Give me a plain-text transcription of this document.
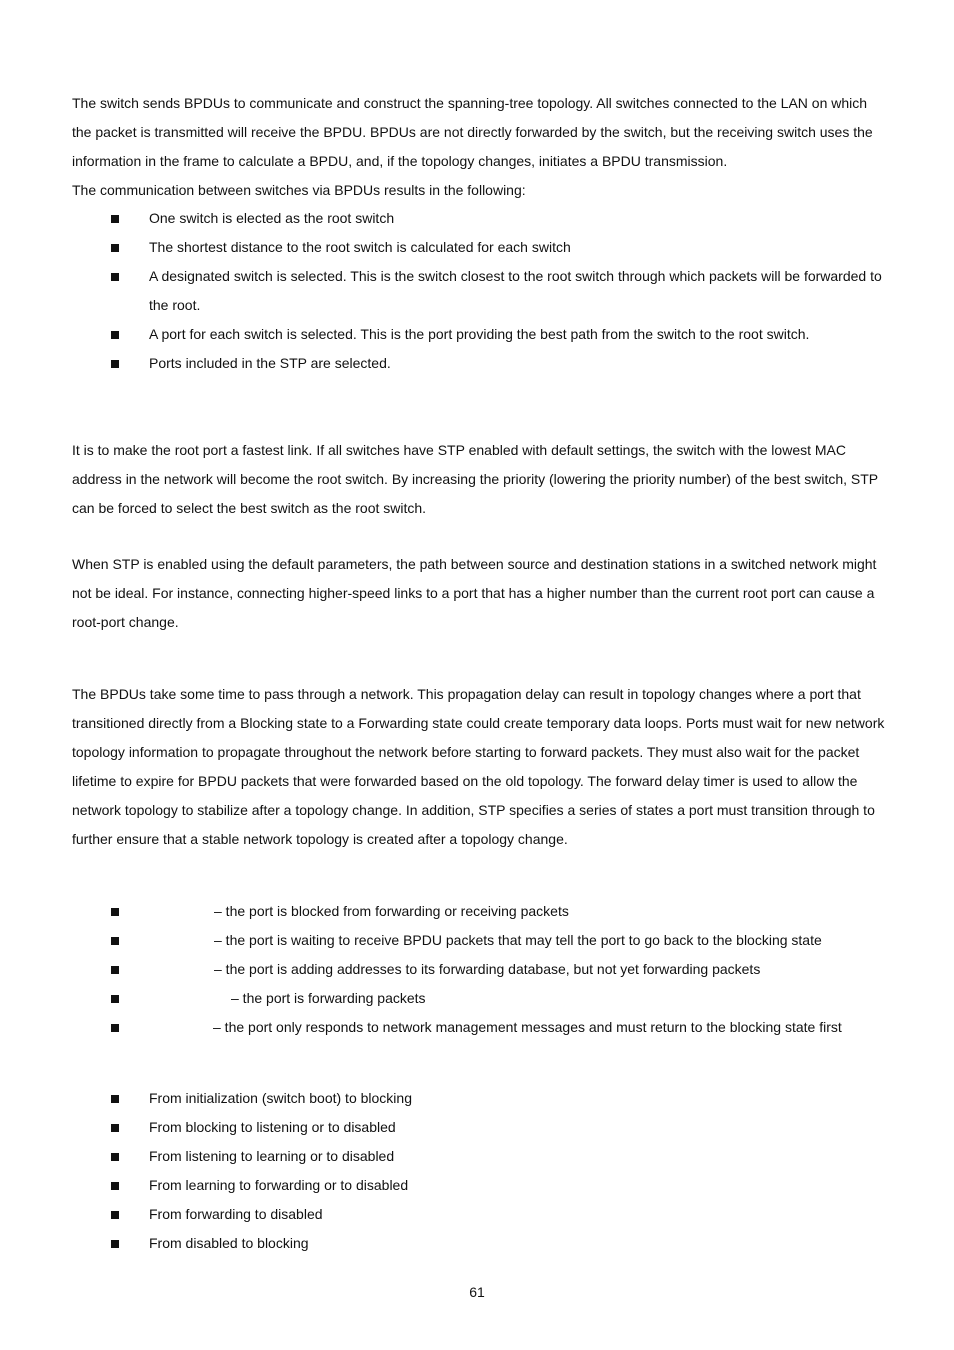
The switch sends BPDUs to communicate and construct the spanning-tree topology. All switches connected to the LAN on which the packet is transmitted will receive the BPDU. BPDUs are not directly forwarded by the switch, but the receiving switch uses the information in the frame to calculate a BPDU, and, if the topology changes, initiates a BPDU transmission.

The communication between switches via BPDUs results in the following:

One switch is elected as the root switch
The shortest distance to the root switch is calculated for each switch
A designated switch is selected. This is the switch closest to the root switch through which packets will be forwarded to the root.
A port for each switch is selected. This is the port providing the best path from the switch to the root switch.
Ports included in the STP are selected.

It is to make the root port a fastest link. If all switches have STP enabled with default settings, the switch with the lowest MAC address in the network will become the root switch. By increasing the priority (lowering the priority number) of the best switch, STP can be forced to select the best switch as the root switch.

When STP is enabled using the default parameters, the path between source and destination stations in a switched network might not be ideal. For instance, connecting higher-speed links to a port that has a higher number than the current root port can cause a root-port change.

The BPDUs take some time to pass through a network. This propagation delay can result in topology changes where a port that transitioned directly from a Blocking state to a Forwarding state could create temporary data loops. Ports must wait for new network topology information to propagate throughout the network before starting to forward packets. They must also wait for the packet lifetime to expire for BPDU packets that were forwarded based on the old topology. The forward delay timer is used to allow the network topology to stabilize after a topology change. In addition, STP specifies a series of states a port must transition through to further ensure that a stable network topology is created after a topology change.

– the port is blocked from forwarding or receiving packets
– the port is waiting to receive BPDU packets that may tell the port to go back to the blocking state
– the port is adding addresses to its forwarding database, but not yet forwarding packets
– the port is forwarding packets
– the port only responds to network management messages and must return to the blocking state first
From initialization (switch boot) to blocking
From blocking to listening or to disabled
From listening to learning or to disabled
From learning to forwarding or to disabled
From forwarding to disabled
From disabled to blocking
61
